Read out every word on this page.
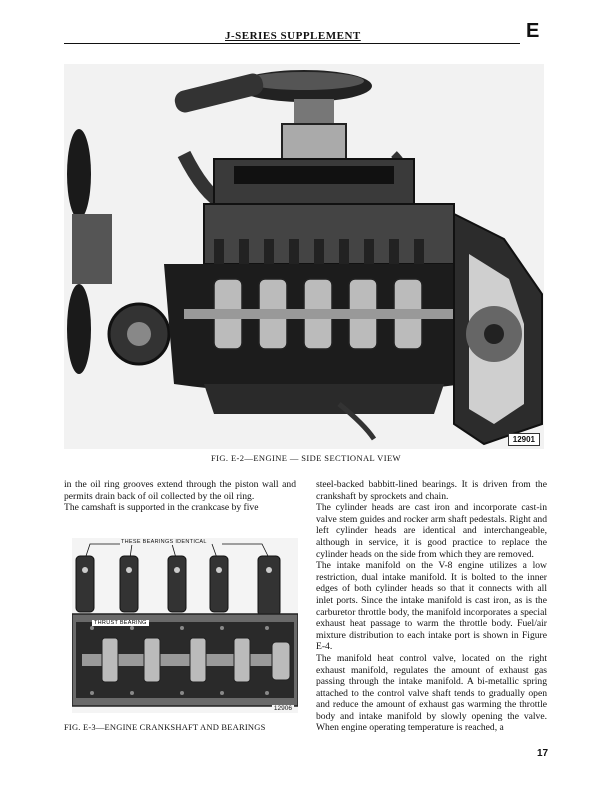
J-SERIES SUPPLEMENT	E
12901
FIG. E-2—ENGINE — SIDE SECTIONAL VIEW

in the oil ring grooves extend through the piston wall and permits drain back of oil collected by the oil ring.

The camshaft is supported in the crankcase by five

THESE BEARINGS IDENTICAL
THRUST BEARING
12906
FIG. E-3—ENGINE CRANKSHAFT AND BEARINGS

steel-backed babbitt-lined bearings. It is driven from the crankshaft by sprockets and chain.

The cylinder heads are cast iron and incorporate cast-in valve stem guides and rocker arm shaft pedestals. Right and left cylinder heads are identical and interchangeable, although in service, it is good practice to replace the cylinder heads on the side from which they are removed.

The intake manifold on the V-8 engine utilizes a low restriction, dual intake manifold. It is bolted to the inner edges of both cylinder heads so that it connects with all inlet ports. Since the intake manifold is cast iron, as is the carburetor throttle body, the manifold incorporates a special exhaust heat passage to warm the throttle body. Fuel/air mixture distribution to each intake port is shown in Figure E-4.

The manifold heat control valve, located on the right exhaust manifold, regulates the amount of exhaust gas passing through the intake manifold. A bi-metallic spring attached to the control valve shaft tends to gradually open and reduce the amount of exhaust gas warming the throttle body and intake manifold by slowly opening the valve. When engine operating temperature is reached, a

17
